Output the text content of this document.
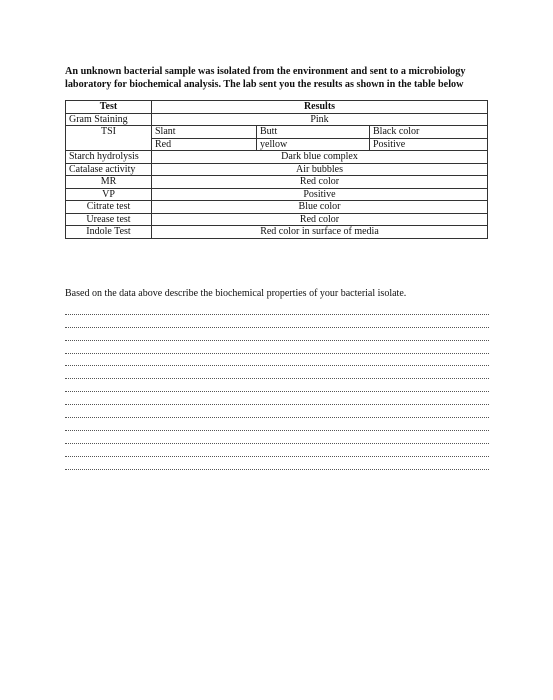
An unknown bacterial sample was isolated from the environment and sent to a microbiology laboratory for biochemical analysis. The lab sent you the results as shown in the table below

Test	Results		
Gram Staining	Pink		
TSI	Slant	Butt	Black color
	Red	yellow	Positive
Starch hydrolysis	Dark blue complex		
Catalase activity	Air bubbles		
MR	Red color		
VP	Positive		
Citrate test	Blue color		
Urease test	Red color		
Indole Test	Red color in surface of media		

Based on the data above describe the biochemical properties of your bacterial isolate.
